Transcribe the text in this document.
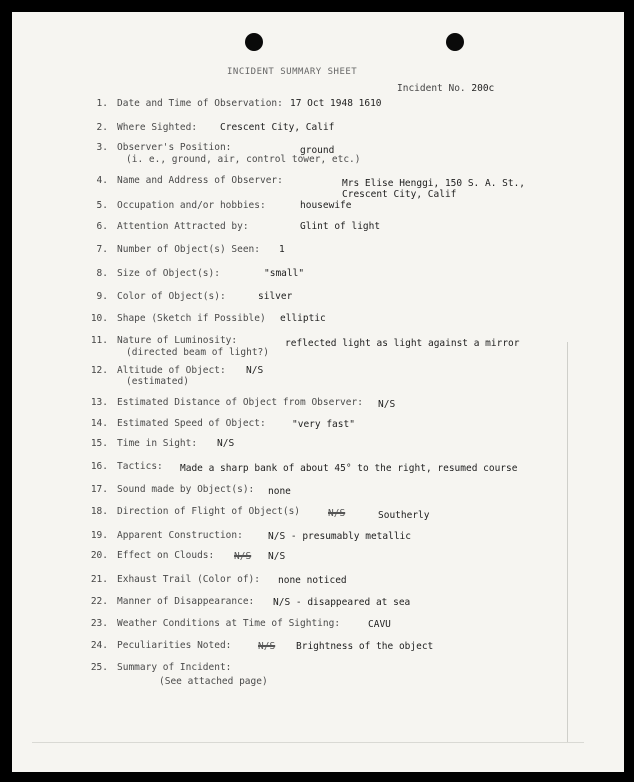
INCIDENT SUMMARY SHEET
Incident No. 200c
1. Date and Time of Observation: 17 Oct 1948 1610
2. Where Sighted: Crescent City, Calif
3. Observer's Position:	ground
(i. e., ground, air, control tower, etc.)
4. Name and Address of Observer:	Mrs Elise Henggi, 150 S. A. St.,
Crescent City, Calif
5. Occupation and/or hobbies:	housewife
6. Attention Attracted by:	Glint of light
7. Number of Object(s) Seen: 1
8. Size of Object(s):	"small"
9. Color of Object(s):	silver
10. Shape (Sketch if Possible) elliptic
11. Nature of Luminosity:	reflected light as light against a mirror
(directed beam of light?)
12. Altitude of Object: N/S
(estimated)
13. Estimated Distance of Object from Observer: N/S
14. Estimated Speed of Object:	"very fast"
15. Time in Sight: N/S
16. Tactics: Made a sharp bank of about 45° to the right, resumed course
17. Sound made by Object(s): none
18. Direction of Flight of Object(s)	N/S	Southerly
19. Apparent Construction:	N/S - presumably metallic
20. Effect on Clouds: N/S N/S
21. Exhaust Trail (Color of): none noticed
22. Manner of Disappearance: N/S - disappeared at sea
23. Weather Conditions at Time of Sighting:	CAVU
24. Peculiarities Noted:	N/S Brightness of the object
25. Summary of Incident:
(See attached page)
